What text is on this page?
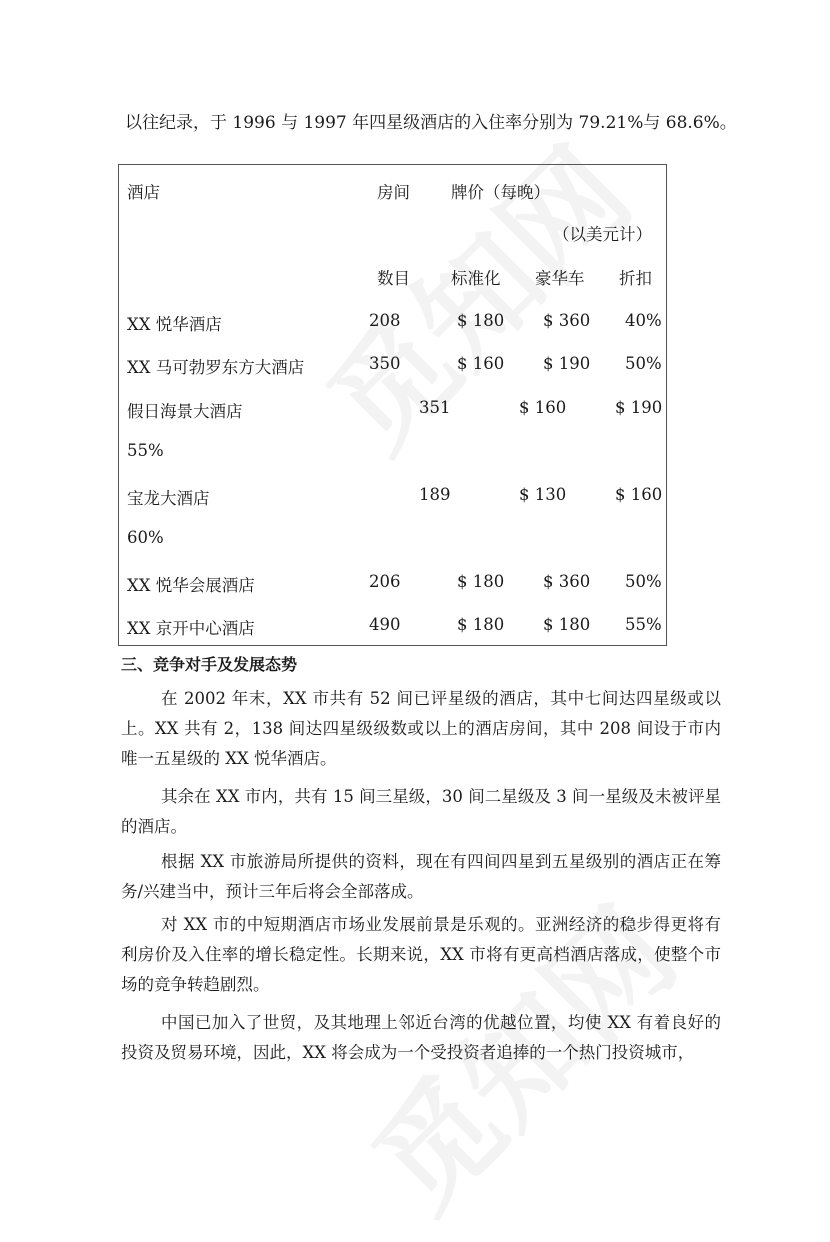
以往纪录，于 1996 与 1997 年四星级酒店的入住率分别为 79.21%与 68.6%。
酒店	房间 牌价（每晚）
（以美元计）
数目 标准化 豪华车 折扣
XX 悦华酒店	208	$ 180 $ 360 40%
XX 马可勃罗东方大酒店	350	$ 160 $ 190 50%
假日海景大酒店	351	$ 160	$ 190
55%
宝龙大酒店	189	$ 130	$ 160
60%
XX 悦华会展酒店	206	$ 180 $ 360 50%
XX 京开中心酒店	490	$ 180 $ 180 55%
三、竞争对手及发展态势

在 2002 年末，XX 市共有 52 间已评星级的酒店，其中七间达四星级或以上。XX 共有 2，138 间达四星级级数或以上的酒店房间，其中 208 间设于市内唯一五星级的 XX 悦华酒店。

其余在 XX 市内，共有 15 间三星级，30 间二星级及 3 间一星级及未被评星的酒店。

根据 XX 市旅游局所提供的资料，现在有四间四星到五星级别的酒店正在筹务/兴建当中，预计三年后将会全部落成。

对 XX 市的中短期酒店市场业发展前景是乐观的。亚洲经济的稳步得更将有利房价及入住率的增长稳定性。长期来说，XX 市将有更高档酒店落成，使整个市场的竞争转趋剧烈。

中国已加入了世贸，及其地理上邻近台湾的优越位置，均使 XX 有着良好的投资及贸易环境，因此，XX 将会成为一个受投资者追捧的一个热门投资城市，
